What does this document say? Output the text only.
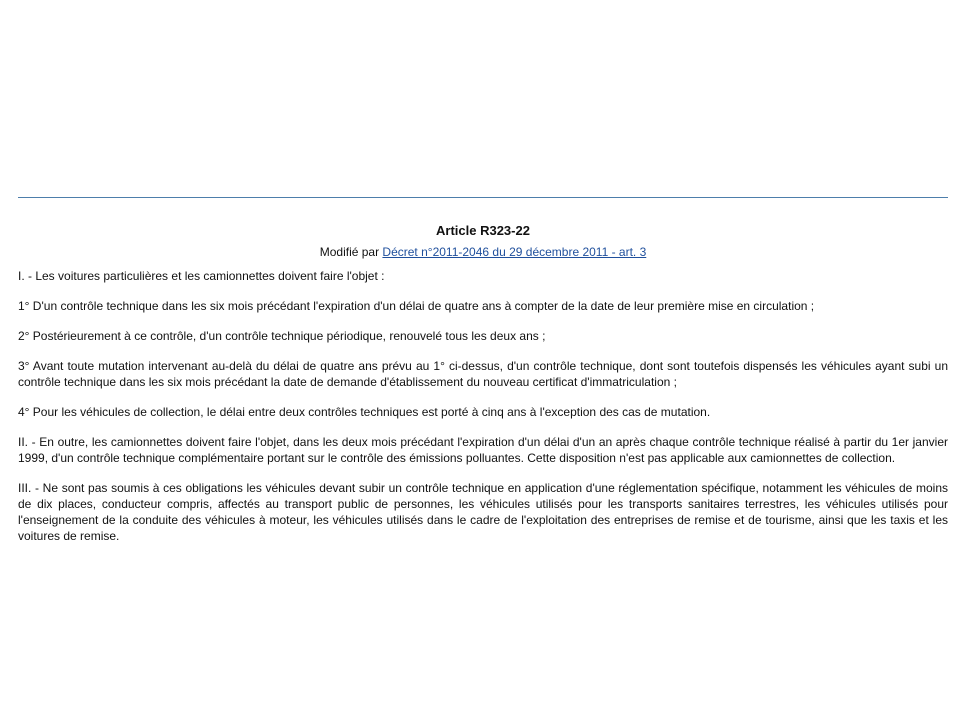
Article R323-22
Modifié par Décret n°2011-2046 du 29 décembre 2011 - art. 3

I. - Les voitures particulières et les camionnettes doivent faire l'objet :

1° D'un contrôle technique dans les six mois précédant l'expiration d'un délai de quatre ans à compter de la date de leur première mise en circulation ;

2° Postérieurement à ce contrôle, d'un contrôle technique périodique, renouvelé tous les deux ans ;

3° Avant toute mutation intervenant au-delà du délai de quatre ans prévu au 1° ci-dessus, d'un contrôle technique, dont sont toutefois dispensés les véhicules ayant subi un contrôle technique dans les six mois précédant la date de demande d'établissement du nouveau certificat d'immatriculation ;

4° Pour les véhicules de collection, le délai entre deux contrôles techniques est porté à cinq ans à l'exception des cas de mutation.

II. - En outre, les camionnettes doivent faire l'objet, dans les deux mois précédant l'expiration d'un délai d'un an après chaque contrôle technique réalisé à partir du 1er janvier 1999, d'un contrôle technique complémentaire portant sur le contrôle des émissions polluantes. Cette disposition n'est pas applicable aux camionnettes de collection.

III. - Ne sont pas soumis à ces obligations les véhicules devant subir un contrôle technique en application d'une réglementation spécifique, notamment les véhicules de moins de dix places, conducteur compris, affectés au transport public de personnes, les véhicules utilisés pour les transports sanitaires terrestres, les véhicules utilisés pour l'enseignement de la conduite des véhicules à moteur, les véhicules utilisés dans le cadre de l'exploitation des entreprises de remise et de tourisme, ainsi que les taxis et les voitures de remise.
